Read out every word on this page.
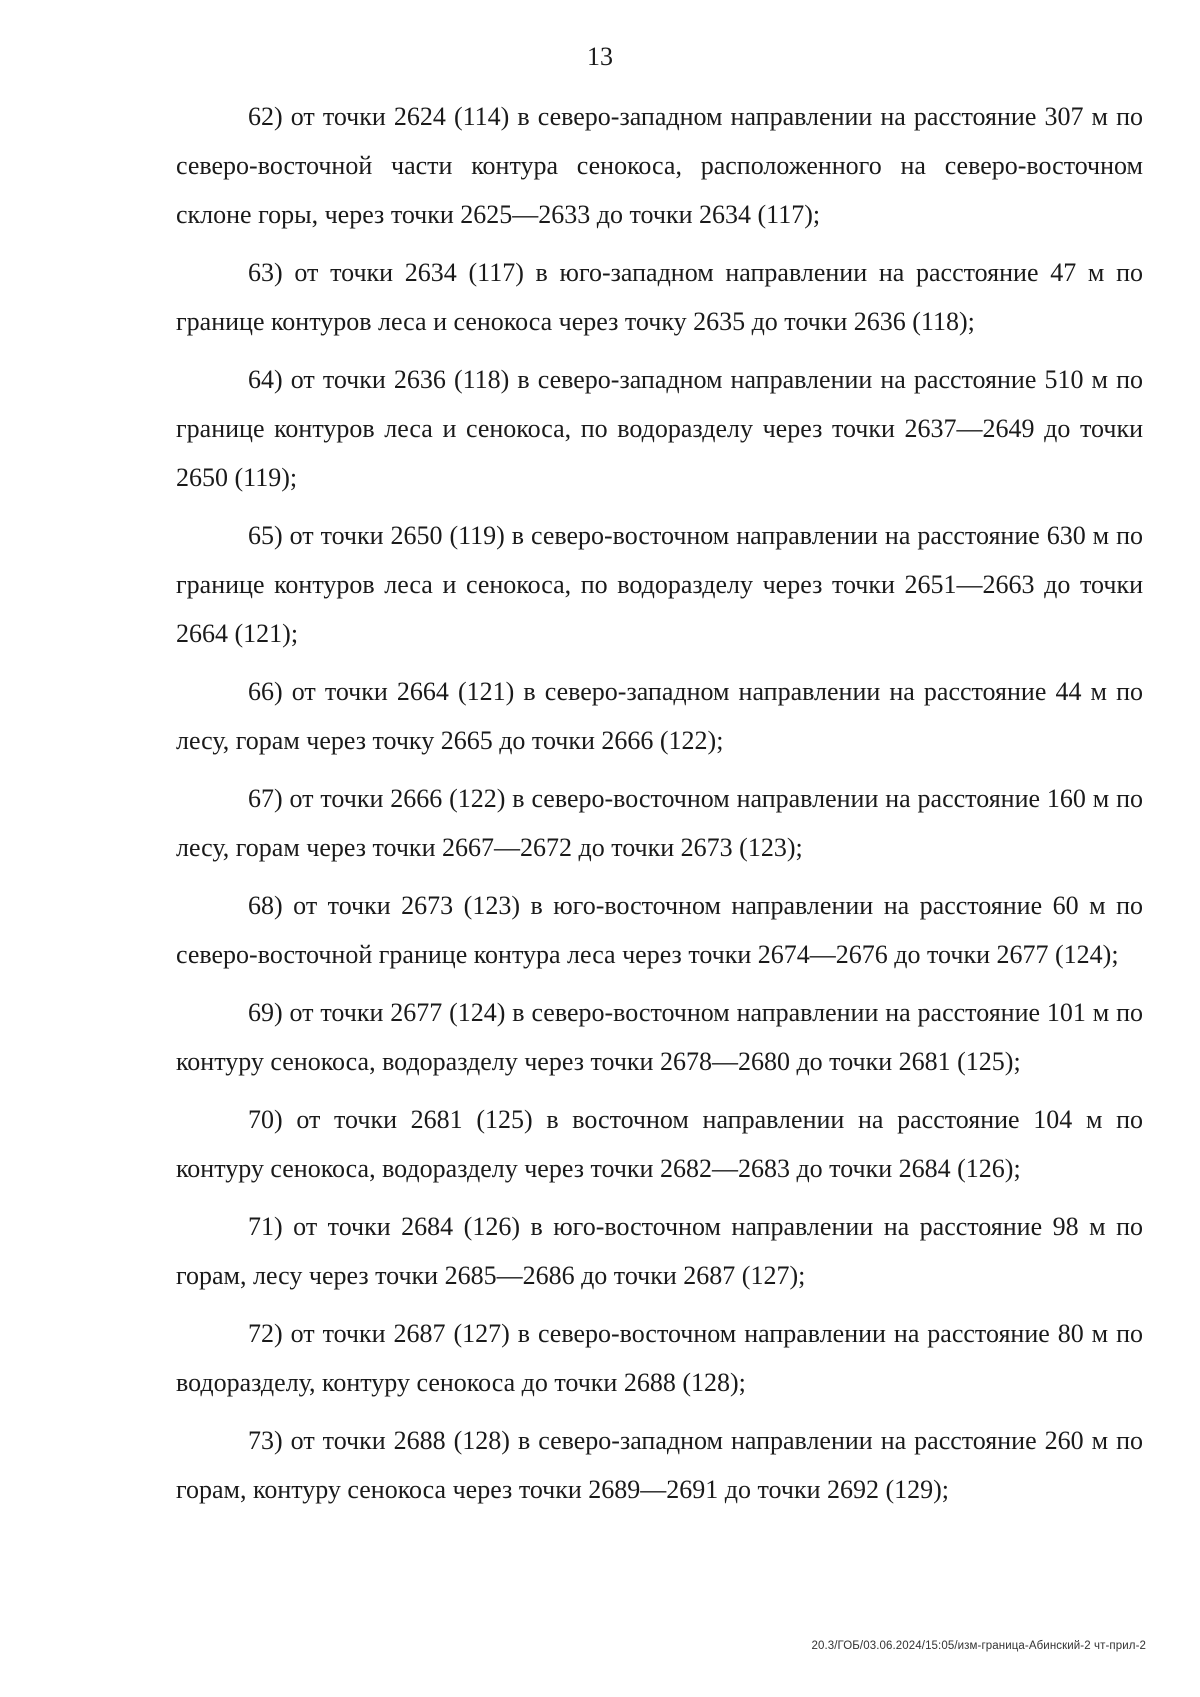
13

62) от точки 2624 (114) в северо-западном направлении на расстояние 307 м по северо-восточной части контура сенокоса, расположенного на северо-восточном склоне горы, через точки 2625—2633 до точки 2634 (117);

63) от точки 2634 (117) в юго-западном направлении на расстояние 47 м по границе контуров леса и сенокоса через точку 2635 до точки 2636 (118);

64) от точки 2636 (118) в северо-западном направлении на расстояние 510 м по границе контуров леса и сенокоса, по водоразделу через точки 2637—2649 до точки 2650 (119);

65) от точки 2650 (119) в северо-восточном направлении на расстояние 630 м по границе контуров леса и сенокоса, по водоразделу через точки 2651—2663 до точки 2664 (121);

66) от точки 2664 (121) в северо-западном направлении на расстояние 44 м по лесу, горам через точку 2665 до точки 2666 (122);

67) от точки 2666 (122) в северо-восточном направлении на расстояние 160 м по лесу, горам через точки 2667—2672 до точки 2673 (123);

68) от точки 2673 (123) в юго-восточном направлении на расстояние 60 м по северо-восточной границе контура леса через точки 2674—2676 до точки 2677 (124);

69) от точки 2677 (124) в северо-восточном направлении на расстояние 101 м по контуру сенокоса, водоразделу через точки 2678—2680 до точки 2681 (125);

70) от точки 2681 (125) в восточном направлении на расстояние 104 м по контуру сенокоса, водоразделу через точки 2682—2683 до точки 2684 (126);

71) от точки 2684 (126) в юго-восточном направлении на расстояние 98 м по горам, лесу через точки 2685—2686 до точки 2687 (127);

72) от точки 2687 (127) в северо-восточном направлении на расстояние 80 м по водоразделу, контуру сенокоса до точки 2688 (128);

73) от точки 2688 (128) в северо-западном направлении на расстояние 260 м по горам, контуру сенокоса через точки 2689—2691 до точки 2692 (129);

20.3/ГОБ/03.06.2024/15:05/изм-граница-Абинский-2 чт-прил-2
